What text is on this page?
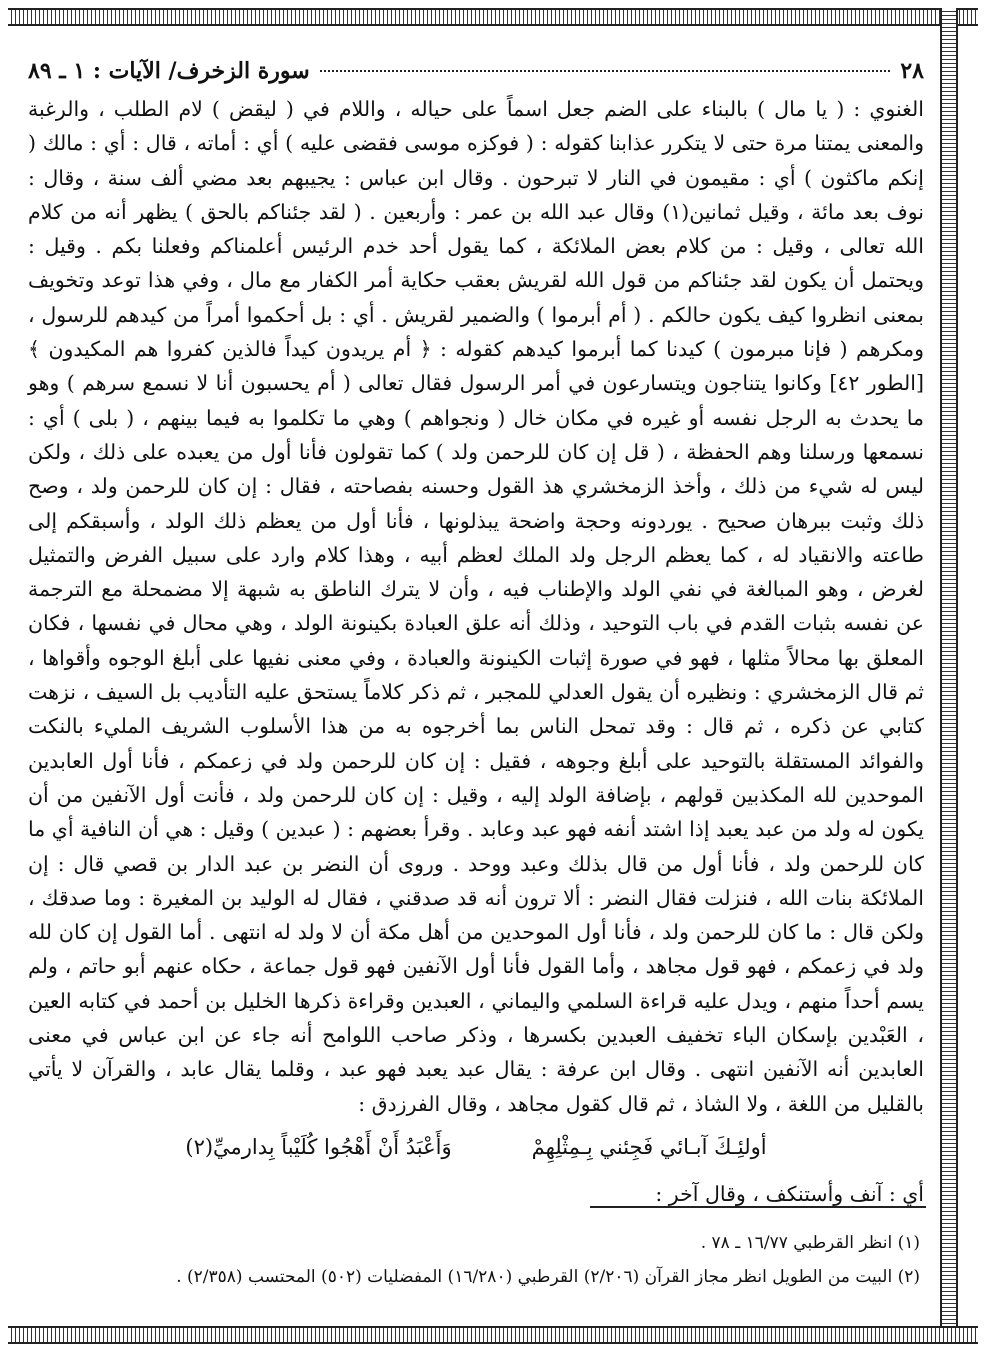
٢٨
سورة الزخرف/ الآيات : ١ ـ ٨٩

الغنوي : ( يا مال ) بالبناء على الضم جعل اسماً على حياله ، واللام في ( ليقض ) لام الطلب ، والرغبة والمعنى يمتنا مرة حتى لا يتكرر عذابنا كقوله : ( فوكزه موسى فقضى عليه ) أي : أماته ، قال : أي : مالك ( إنكم ماكثون ) أي : مقيمون في النار لا تبرحون . وقال ابن عباس : يجيبهم بعد مضي ألف سنة ، وقال : نوف بعد مائة ، وقيل ثمانين(١) وقال عبد الله بن عمر : وأربعين . ( لقد جئناكم بالحق ) يظهر أنه من كلام الله تعالى ، وقيل : من كلام بعض الملائكة ، كما يقول أحد خدم الرئيس أعلمناكم وفعلنا بكم . وقيل : ويحتمل أن يكون لقد جئناكم من قول الله لقريش بعقب حكاية أمر الكفار مع مال ، وفي هذا توعد وتخويف بمعنى انظروا كيف يكون حالكم . ( أم أبرموا ) والضمير لقريش . أي : بل أحكموا أمراً من كيدهم للرسول ، ومكرهم ( فإنا مبرمون ) كيدنا كما أبرموا كيدهم كقوله : ﴿ أم يريدون كيداً فالذين كفروا هم المكيدون ﴾ [الطور ٤٢] وكانوا يتناجون ويتسارعون في أمر الرسول فقال تعالى ( أم يحسبون أنا لا نسمع سرهم ) وهو ما يحدث به الرجل نفسه أو غيره في مكان خال ( ونجواهم ) وهي ما تكلموا به فيما بينهم ، ( بلى ) أي : نسمعها ورسلنا وهم الحفظة ، ( قل إن كان للرحمن ولد ) كما تقولون فأنا أول من يعبده على ذلك ، ولكن ليس له شيء من ذلك ، وأخذ الزمخشري هذ القول وحسنه بفصاحته ، فقال : إن كان للرحمن ولد ، وصح ذلك وثبت ببرهان صحيح . يوردونه وحجة واضحة يبذلونها ، فأنا أول من يعظم ذلك الولد ، وأسبقكم إلى طاعته والانقياد له ، كما يعظم الرجل ولد الملك لعظم أبيه ، وهذا كلام وارد على سبيل الفرض والتمثيل لغرض ، وهو المبالغة في نفي الولد والإطناب فيه ، وأن لا يترك الناطق به شبهة إلا مضمحلة مع الترجمة عن نفسه بثبات القدم في باب التوحيد ، وذلك أنه علق العبادة بكينونة الولد ، وهي محال في نفسها ، فكان المعلق بها محالاً مثلها ، فهو في صورة إثبات الكينونة والعبادة ، وفي معنى نفيها على أبلغ الوجوه وأقواها ، ثم قال الزمخشري : ونظيره أن يقول العدلي للمجبر ، ثم ذكر كلاماً يستحق عليه التأديب بل السيف ، نزهت كتابي عن ذكره ، ثم قال : وقد تمحل الناس بما أخرجوه به من هذا الأسلوب الشريف المليء بالنكت والفوائد المستقلة بالتوحيد على أبلغ وجوهه ، فقيل : إن كان للرحمن ولد في زعمكم ، فأنا أول العابدين الموحدين لله المكذبين قولهم ، بإضافة الولد إليه ، وقيل : إن كان للرحمن ولد ، فأنت أول الآنفين من أن يكون له ولد من عبد يعبد إذا اشتد أنفه فهو عبد وعابد . وقرأ بعضهم : ( عبدين ) وقيل : هي أن النافية أي ما كان للرحمن ولد ، فأنا أول من قال بذلك وعبد ووحد . وروى أن النضر بن عبد الدار بن قصي قال : إن الملائكة بنات الله ، فنزلت فقال النضر : ألا ترون أنه قد صدقني ، فقال له الوليد بن المغيرة : وما صدقك ، ولكن قال : ما كان للرحمن ولد ، فأنا أول الموحدين من أهل مكة أن لا ولد له انتهى . أما القول إن كان لله ولد في زعمكم ، فهو قول مجاهد ، وأما القول فأنا أول الآنفين فهو قول جماعة ، حكاه عنهم أبو حاتم ، ولم يسم أحداً منهم ، ويدل عليه قراءة السلمي واليماني ، العبدين وقراءة ذكرها الخليل بن أحمد في كتابه العين ، العَبْدين بإسكان الباء تخفيف العبدين بكسرها ، وذكر صاحب اللوامح أنه جاء عن ابن عباس في معنى العابدين أنه الآنفين انتهى . وقال ابن عرفة : يقال عبد يعبد فهو عبد ، وقلما يقال عابد ، والقرآن لا يأتي بالقليل من اللغة ، ولا الشاذ ، ثم قال كقول مجاهد ، وقال الفرزدق :

أولئِـكَ آبـائي فَجِئني بِـمِثْلِهِمْ
وَأَعْبَدُ أَنْ أَهْجُوا كُلَيْباً بِدارميِّ(٢)
أي : آنف وأستنكف ، وقال آخر :
(١) انظر القرطبي ١٦/٧٧ ـ ٧٨ .
(٢) البيت من الطويل انظر مجاز القرآن (٢/٢٠٦) القرطبي (١٦/٢٨٠) المفضليات (٥٠٢) المحتسب (٢/٣٥٨) .
